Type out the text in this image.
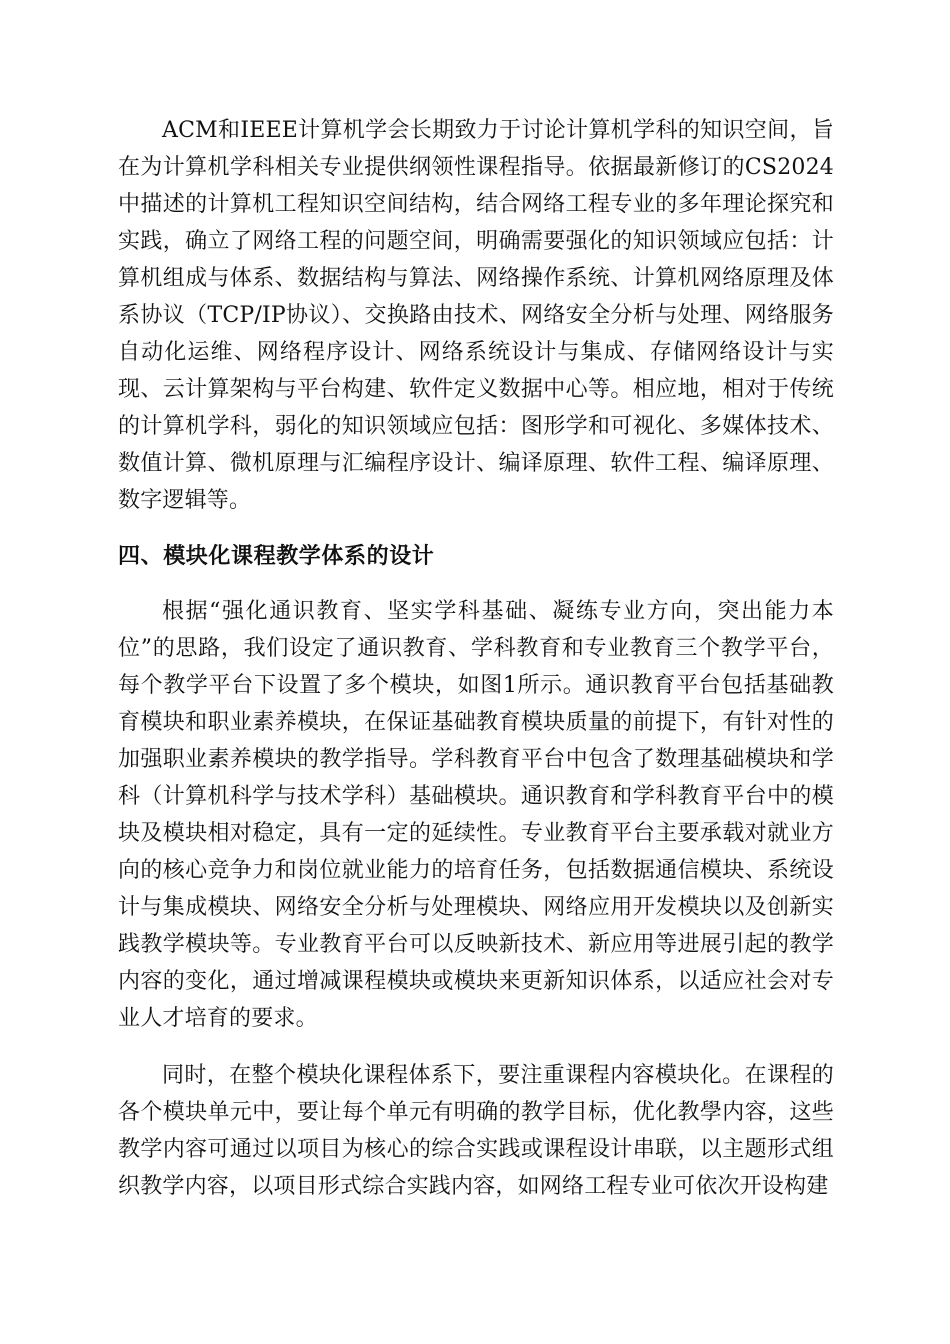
ACM和IEEE计算机学会长期致力于讨论计算机学科的知识空间，旨在为计算机学科相关专业提供纲领性课程指导。依据最新修订的CS2024中描述的计算机工程知识空间结构，结合网络工程专业的多年理论探究和实践，确立了网络工程的问题空间，明确需要强化的知识领域应包括：计算机组成与体系、数据结构与算法、网络操作系统、计算机网络原理及体系协议（TCP/IP协议）、交换路由技术、网络安全分析与处理、网络服务自动化运维、网络程序设计、网络系统设计与集成、存储网络设计与实现、云计算架构与平台构建、软件定义数据中心等。相应地，相对于传统的计算机学科，弱化的知识领域应包括：图形学和可视化、多媒体技术、数值计算、微机原理与汇编程序设计、编译原理、软件工程、编译原理、数字逻辑等。

四、模块化课程教学体系的设计

根据“强化通识教育、坚实学科基础、凝练专业方向，突出能力本位”的思路，我们设定了通识教育、学科教育和专业教育三个教学平台，每个教学平台下设置了多个模块，如图1所示。通识教育平台包括基础教育模块和职业素养模块，在保证基础教育模块质量的前提下，有针对性的加强职业素养模块的教学指导。学科教育平台中包含了数理基础模块和学科（计算机科学与技术学科）基础模块。通识教育和学科教育平台中的模块及模块相对稳定，具有一定的延续性。专业教育平台主要承载对就业方向的核心竞争力和岗位就业能力的培育任务，包括数据通信模块、系统设计与集成模块、网络安全分析与处理模块、网络应用开发模块以及创新实践教学模块等。专业教育平台可以反映新技术、新应用等进展引起的教学内容的变化，通过增减课程模块或模块来更新知识体系，以适应社会对专业人才培育的要求。

同时，在整个模块化课程体系下，要注重课程内容模块化。在课程的各个模块单元中，要让每个单元有明确的教学目标，优化教學内容，这些教学内容可通过以项目为核心的综合实践或课程设计串联，以主题形式组织教学内容，以项目形式综合实践内容，如网络工程专业可依次开设构建
